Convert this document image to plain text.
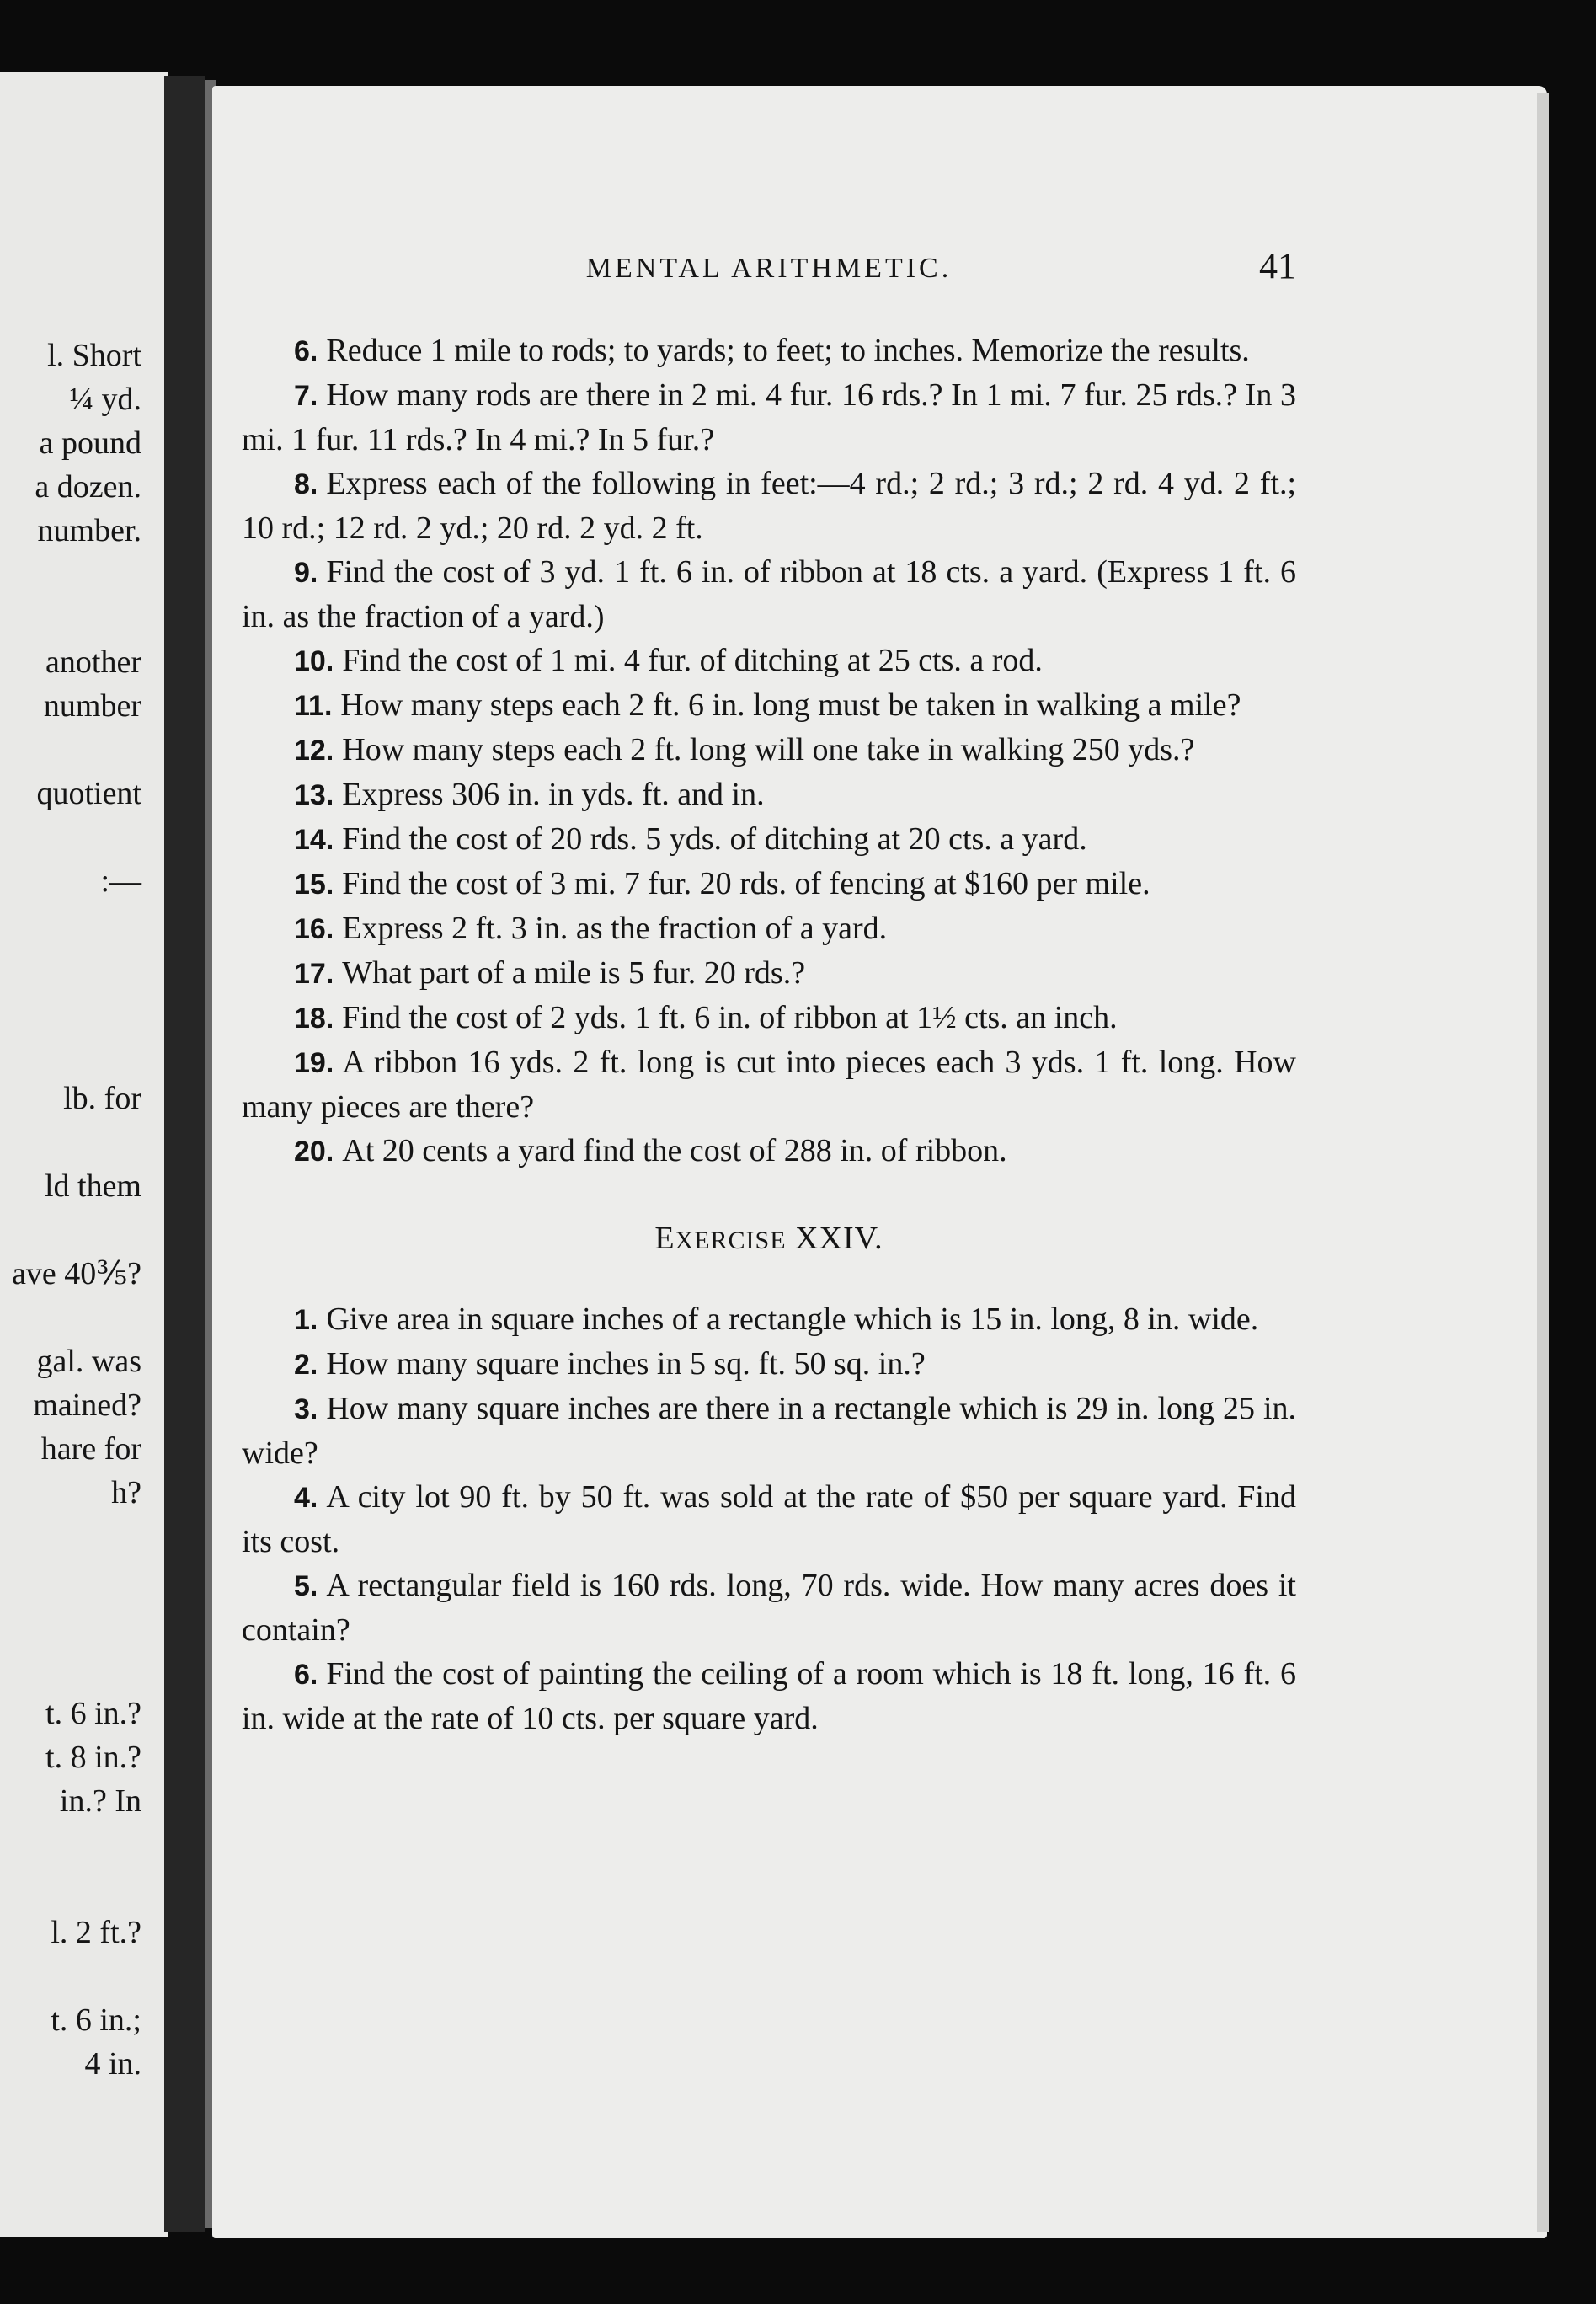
l. Short
¼ yd.
a pound
a dozen.
number.
another
number
quotient
:—
lb. for
ld them
ave 40⅗?
gal. was
mained?
hare for
h?
t. 6 in.?
t. 8 in.?
in.? In
l. 2 ft.?
t. 6 in.;
4 in.
MENTAL ARITHMETIC.	41

6. Reduce 1 mile to rods; to yards; to feet; to inches. Memorize the results.

7. How many rods are there in 2 mi. 4 fur. 16 rds.? In 1 mi. 7 fur. 25 rds.? In 3 mi. 1 fur. 11 rds.? In 4 mi.? In 5 fur.?

8. Express each of the following in feet:—4 rd.; 2 rd.; 3 rd.; 2 rd. 4 yd. 2 ft.; 10 rd.; 12 rd. 2 yd.; 20 rd. 2 yd. 2 ft.

9. Find the cost of 3 yd. 1 ft. 6 in. of ribbon at 18 cts. a yard. (Express 1 ft. 6 in. as the fraction of a yard.)

10. Find the cost of 1 mi. 4 fur. of ditching at 25 cts. a rod.

11. How many steps each 2 ft. 6 in. long must be taken in walking a mile?

12. How many steps each 2 ft. long will one take in walking 250 yds.?

13. Express 306 in. in yds. ft. and in.

14. Find the cost of 20 rds. 5 yds. of ditching at 20 cts. a yard.

15. Find the cost of 3 mi. 7 fur. 20 rds. of fencing at $160 per mile.

16. Express 2 ft. 3 in. as the fraction of a yard.

17. What part of a mile is 5 fur. 20 rds.?

18. Find the cost of 2 yds. 1 ft. 6 in. of ribbon at 1½ cts. an inch.

19. A ribbon 16 yds. 2 ft. long is cut into pieces each 3 yds. 1 ft. long. How many pieces are there?

20. At 20 cents a yard find the cost of 288 in. of ribbon.

EXERCISE XXIV.

1. Give area in square inches of a rectangle which is 15 in. long, 8 in. wide.

2. How many square inches in 5 sq. ft. 50 sq. in.?

3. How many square inches are there in a rectangle which is 29 in. long 25 in. wide?

4. A city lot 90 ft. by 50 ft. was sold at the rate of $50 per square yard. Find its cost.

5. A rectangular field is 160 rds. long, 70 rds. wide. How many acres does it contain?

6. Find the cost of painting the ceiling of a room which is 18 ft. long, 16 ft. 6 in. wide at the rate of 10 cts. per square yard.
